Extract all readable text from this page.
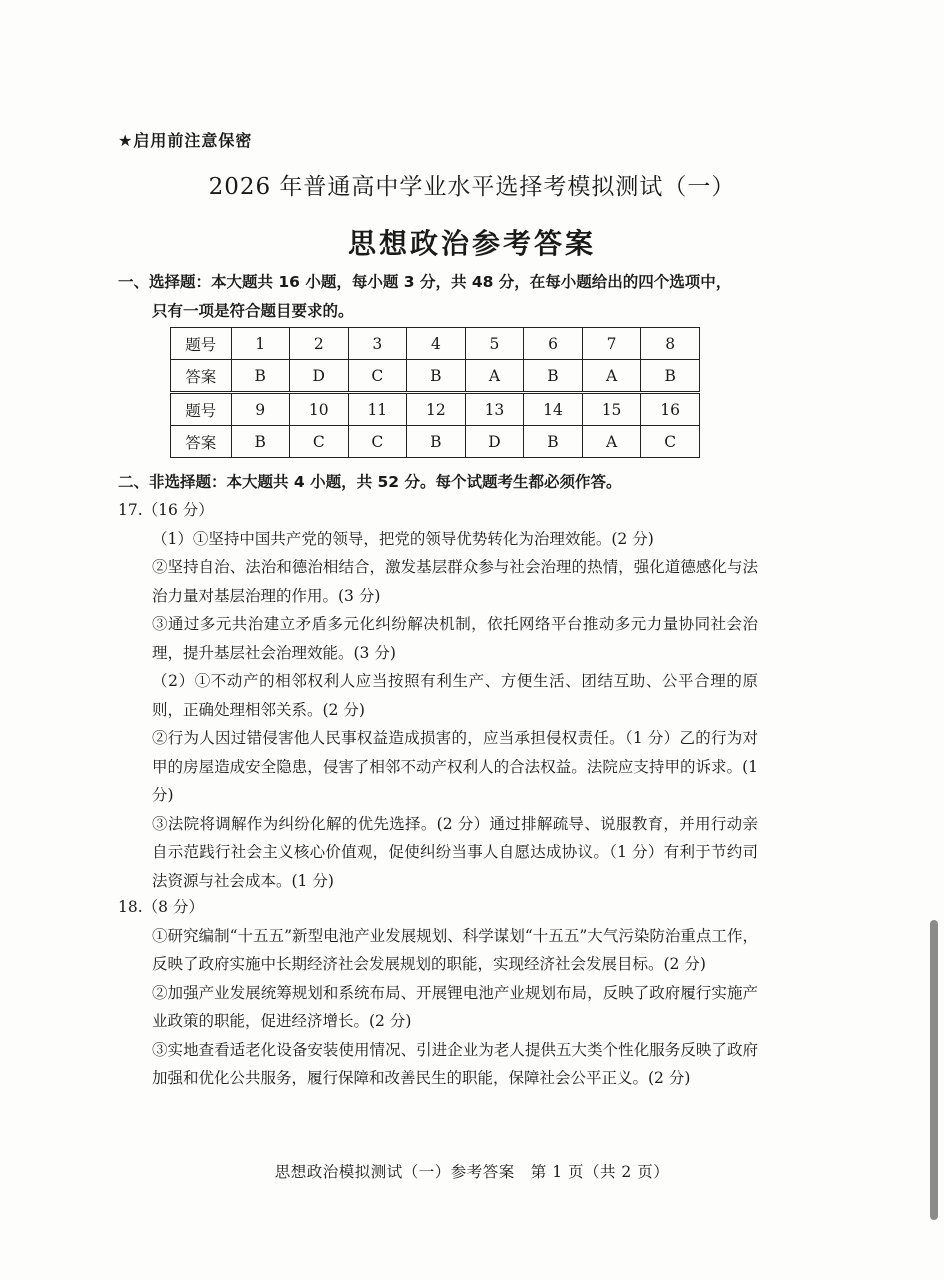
★启用前注意保密
2026 年普通高中学业水平选择考模拟测试（一）
思想政治参考答案
一、选择题：本大题共 16 小题，每小题 3 分，共 48 分，在每小题给出的四个选项中，
只有一项是符合题目要求的。
题号	1	2	3	4	5	6	7	8
答案	B	D	C	B	A	B	A	B
题号	9	10	11	12	13	14	15	16
答案	B	C	C	B	D	B	A	C
二、非选择题：本大题共 4 小题，共 52 分。每个试题考生都必须作答。
17.（16 分）
（1）①坚持中国共产党的领导，把党的领导优势转化为治理效能。(2 分)
②坚持自治、法治和德治相结合，激发基层群众参与社会治理的热情，强化道德感化与法治力量对基层治理的作用。(3 分)
③通过多元共治建立矛盾多元化纠纷解决机制，依托网络平台推动多元力量协同社会治理，提升基层社会治理效能。(3 分)
（2）①不动产的相邻权利人应当按照有利生产、方便生活、团结互助、公平合理的原则，正确处理相邻关系。(2 分)
②行为人因过错侵害他人民事权益造成损害的，应当承担侵权责任。（1 分）乙的行为对甲的房屋造成安全隐患，侵害了相邻不动产权利人的合法权益。法院应支持甲的诉求。(1 分)
③法院将调解作为纠纷化解的优先选择。(2 分）通过排解疏导、说服教育，并用行动亲自示范践行社会主义核心价值观，促使纠纷当事人自愿达成协议。（1 分）有利于节约司法资源与社会成本。(1 分)
18.（8 分）
①研究编制“十五五”新型电池产业发展规划、科学谋划“十五五”大气污染防治重点工作，反映了政府实施中长期经济社会发展规划的职能，实现经济社会发展目标。(2 分)
②加强产业发展统筹规划和系统布局、开展锂电池产业规划布局，反映了政府履行实施产业政策的职能，促进经济增长。(2 分)
③实地查看适老化设备安装使用情况、引进企业为老人提供五大类个性化服务反映了政府加强和优化公共服务，履行保障和改善民生的职能，保障社会公平正义。(2 分)
思想政治模拟测试（一）参考答案　第 1 页（共 2 页）
